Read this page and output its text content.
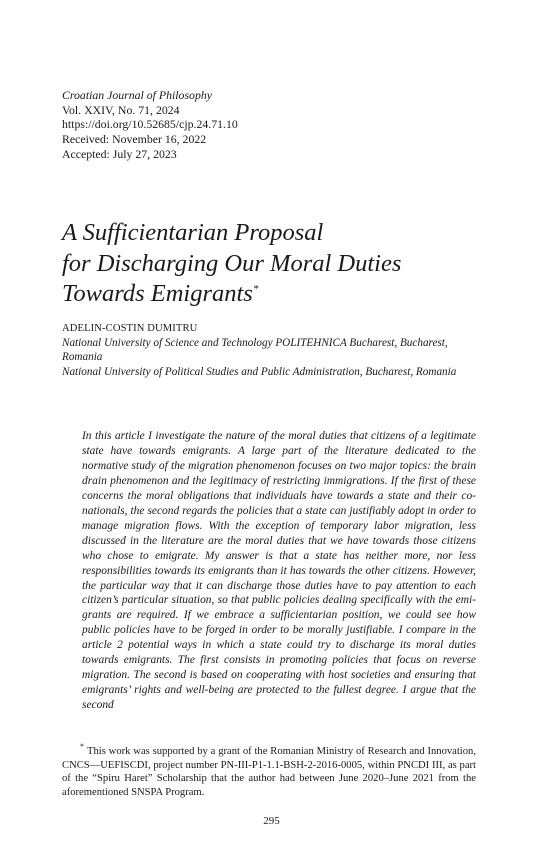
Croatian Journal of Philosophy
Vol. XXIV, No. 71, 2024
https://doi.org/10.52685/cjp.24.71.10
Received: November 16, 2022
Accepted: July 27, 2023
A Sufficientarian Proposal
for Discharging Our Moral Duties
Towards Emigrants*
ADELIN-COSTIN DUMITRU
National University of Science and Technology POLITEHNICA Bucharest, Bucharest, Romania
National University of Political Studies and Public Administration, Bucharest, Romania
In this article I investigate the nature of the moral duties that citizens of a legitimate state have towards emigrants. A large part of the literature dedicated to the normative study of the migration phenomenon focuses on two major topics: the brain drain phenomenon and the legitimacy of restricting immigrations. If the first of these concerns the moral obligations that individuals have towards a state and their co-nationals, the second regards the policies that a state can justifiably adopt in order to manage migration flows. With the exception of temporary labor migration, less discussed in the literature are the moral duties that we have towards those citizens who chose to emigrate. My answer is that a state has neither more, nor less responsibilities towards its emigrants than it has towards the other citizens. However, the particular way that it can discharge those duties have to pay attention to each citizen’s particular situation, so that public policies dealing specifically with the emigrants are required. If we embrace a sufficientarian position, we could see how public policies have to be forged in order to be morally justifiable. I compare in the article 2 potential ways in which a state could try to discharge its moral duties towards emigrants. The first consists in promoting policies that focus on reverse migration. The second is based on cooperating with host societies and ensuring that emigrants’ rights and well-being are protected to the fullest degree. I argue that the second
* This work was supported by a grant of the Romanian Ministry of Research and Innovation, CNCS—UEFISCDI, project number PN-III-P1-1.1-BSH-2-2016-0005, within PNCDI III, as part of the “Spiru Haret” Scholarship that the author had between June 2020–June 2021 from the aforementioned SNSPA Program.
295
